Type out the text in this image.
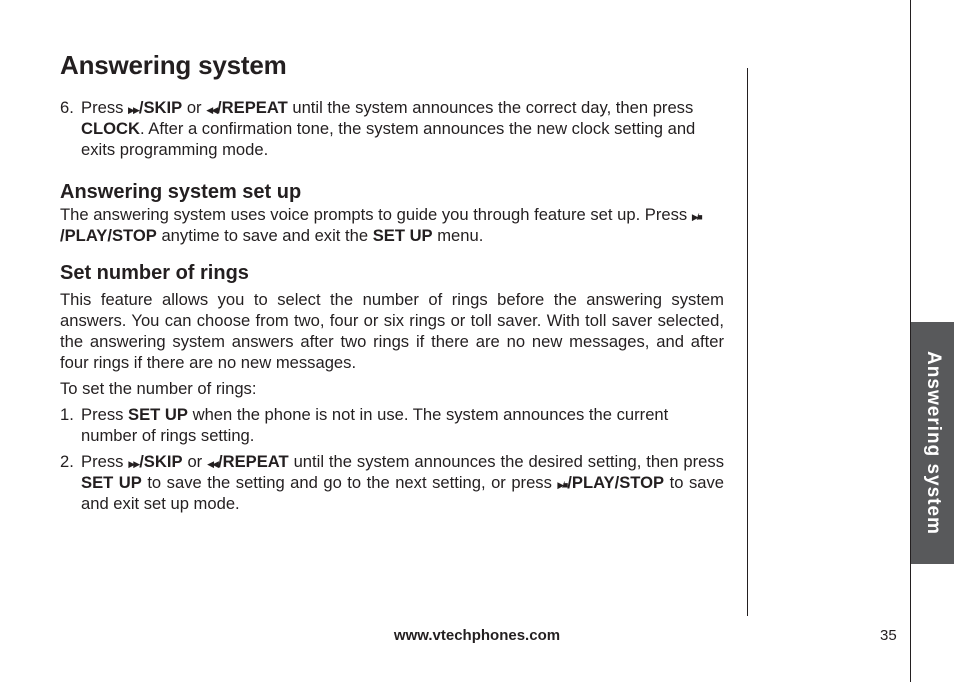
Answering system

6. Press ▶▶/SKIP or ◀◀/REPEAT until the system announces the correct day, then press CLOCK. After a confirmation tone, the system announces the new clock setting and exits programming mode.

Answering system set up

The answering system uses voice prompts to guide you through feature set up. Press ▶/■/PLAY/STOP anytime to save and exit the SET UP menu.

Set number of rings

This feature allows you to select the number of rings before the answering system answers. You can choose from two, four or six rings or toll saver. With toll saver selected, the answering system answers after two rings if there are no new messages, and after four rings if there are no new messages.

To set the number of rings:

1. Press SET UP when the phone is not in use. The system announces the current number of rings setting.

2. Press ▶▶/SKIP or ◀◀/REPEAT until the system announces the desired setting, then press SET UP to save the setting and go to the next setting, or press ▶/■/PLAY/STOP to save and exit set up mode.	Answering system
www.vtechphones.com	35
